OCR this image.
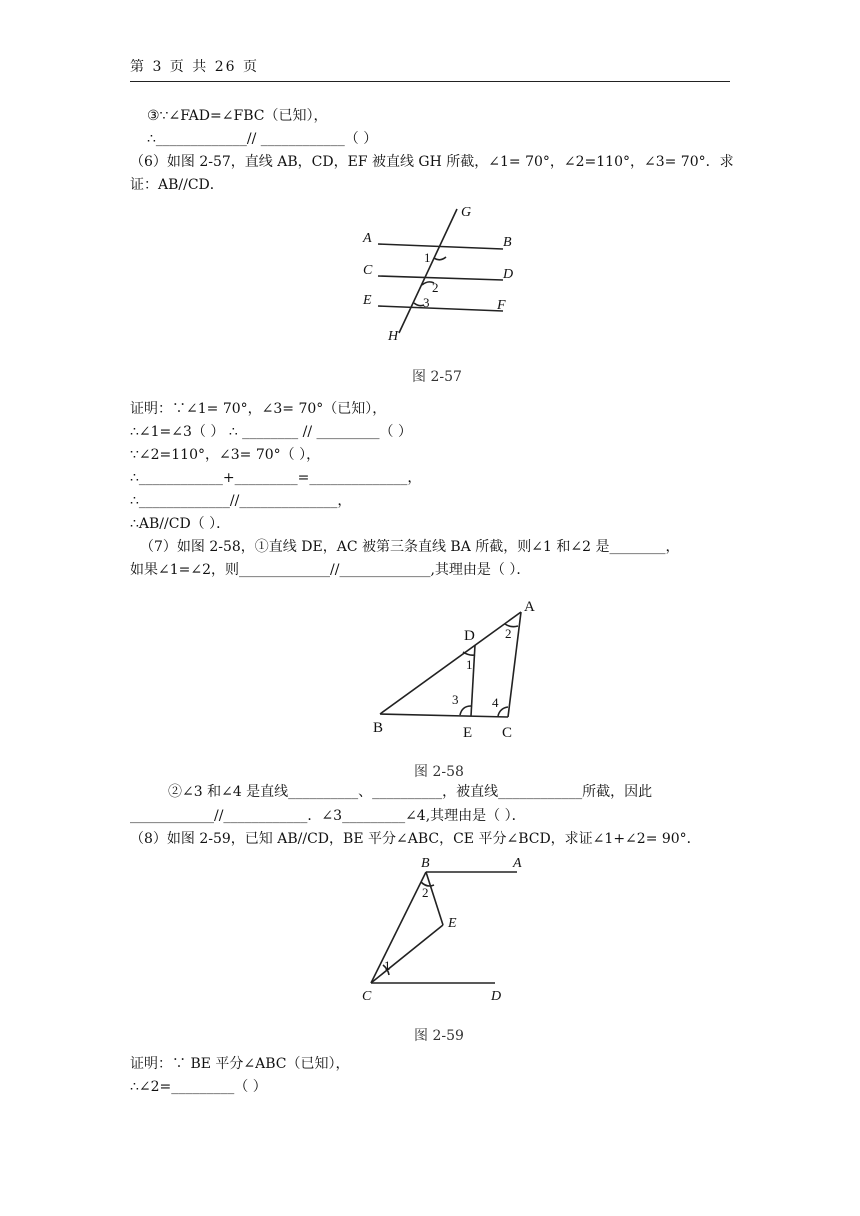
第 3 页 共 26 页
③∵∠FAD=∠FBC（已知），
∴_____________// ____________（ ）
（6）如图 2-57，直线 AB，CD，EF 被直线 GH 所截，∠1= 70°，∠2=110°，∠3= 70°．求
证：AB//CD．
A	B
C	D
E	F
G
H
1
2
3
图 2-57
证明：∵∠1= 70°，∠3= 70°（已知），
∴∠1=∠3（ ） ∴ ________ // _________（ ）
∵∠2=110°，∠3= 70°（ ），
∴____________+_________=______________，
∴_____________//______________，
∴AB//CD（ ）．
（7）如图 2-58，①直线 DE，AC 被第三条直线 BA 所截，则∠1 和∠2 是________，
如果∠1=∠2，则_____________//_____________,其理由是（ ）．
A
B	C
D
E
1
2
3	4
图 2-58
②∠3 和∠4 是直线__________、__________，被直线____________所截，因此
____________//____________．∠3_________∠4,其理由是（ ）．
（8）如图 2-59，已知 AB//CD，BE 平分∠ABC，CE 平分∠BCD，求证∠1+∠2= 90°．
A
B
C	D
E
1
2
图 2-59
证明：∵ BE 平分∠ABC（已知），
∴∠2=_________（ ）
